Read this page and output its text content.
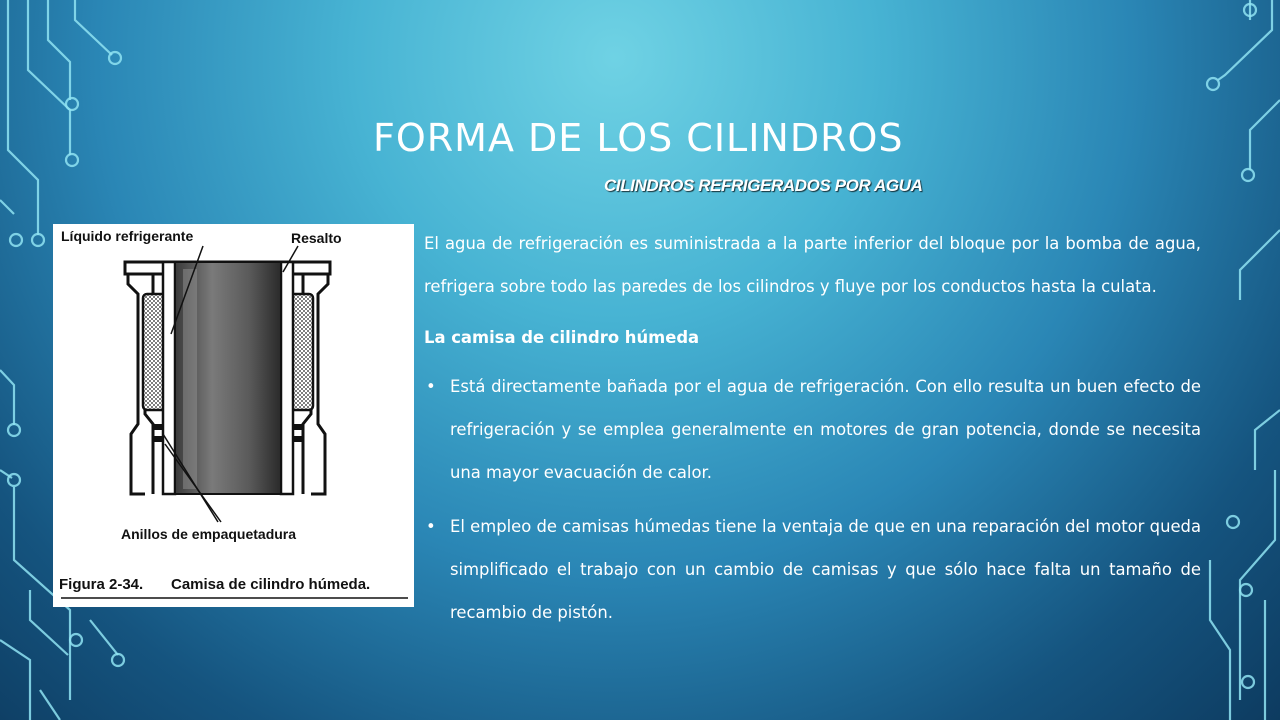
FORMA DE LOS CILINDROS
CILINDROS REFRIGERADOS POR AGUA
Líquido refrigerante	Resalto
Anillos de empaquetadura
Figura 2-34. Camisa de cilindro húmeda.

El agua de refrigeración es suministrada a la parte inferior del bloque por la bomba de agua, refrigera sobre todo las paredes de los cilindros y fluye por los conductos hasta la culata.

La camisa de cilindro húmeda
• Está directamente bañada por el agua de refrigeración. Con ello resulta un buen efecto de refrigeración y se emplea generalmente en motores de gran potencia, donde se necesita una mayor evacuación de calor.
• El empleo de camisas húmedas tiene la ventaja de que en una reparación del motor queda simplificado el trabajo con un cambio de camisas y que sólo hace falta un tamaño de recambio de pistón.
